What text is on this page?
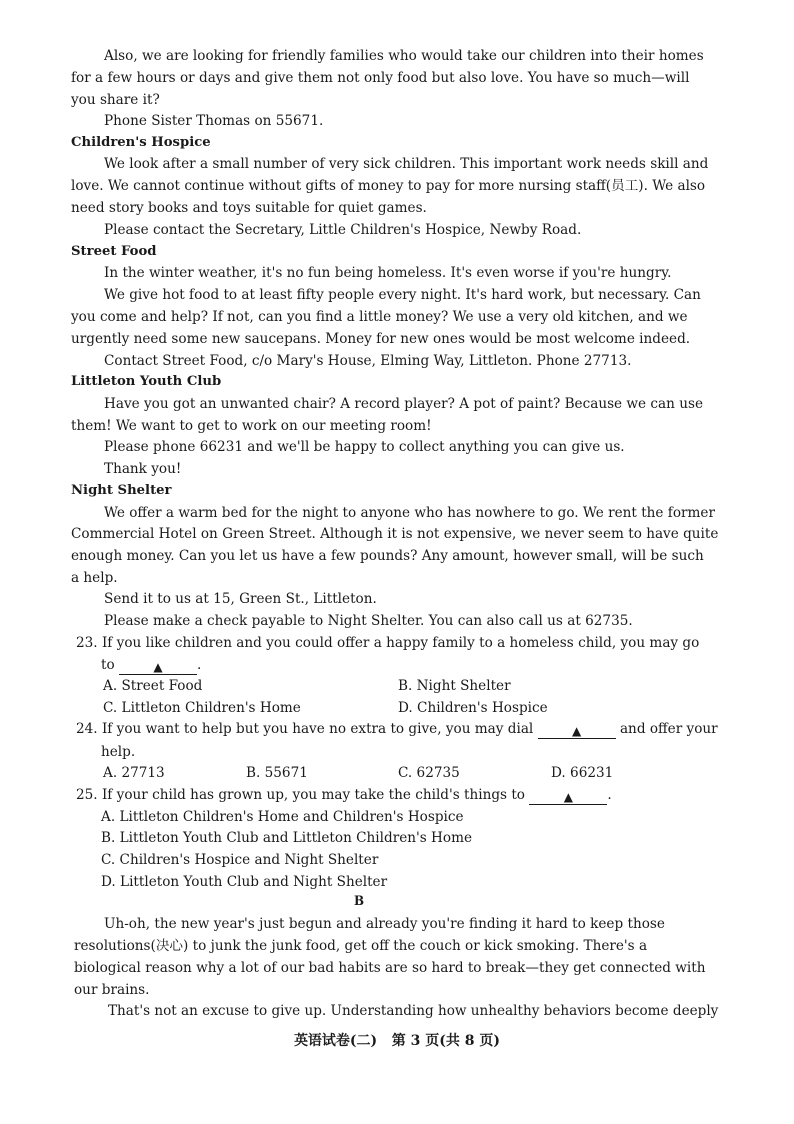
Also, we are looking for friendly families who would take our children into their homes
for a few hours or days and give them not only food but also love. You have so much—will
you share it?
Phone Sister Thomas on 55671.
Children's Hospice
We look after a small number of very sick children. This important work needs skill and
love. We cannot continue without gifts of money to pay for more nursing staff(员工). We also
need story books and toys suitable for quiet games.
Please contact the Secretary, Little Children's Hospice, Newby Road.
Street Food
In the winter weather, it's no fun being homeless. It's even worse if you're hungry.
We give hot food to at least fifty people every night. It's hard work, but necessary. Can
you come and help? If not, can you find a little money? We use a very old kitchen, and we
urgently need some new saucepans. Money for new ones would be most welcome indeed.
Contact Street Food, c/o Mary's House, Elming Way, Littleton. Phone 27713.
Littleton Youth Club
Have you got an unwanted chair? A record player? A pot of paint? Because we can use
them! We want to get to work on our meeting room!
Please phone 66231 and we'll be happy to collect anything you can give us.
Thank you!
Night Shelter
We offer a warm bed for the night to anyone who has nowhere to go. We rent the former
Commercial Hotel on Green Street. Although it is not expensive, we never seem to have quite
enough money. Can you let us have a few pounds? Any amount, however small, will be such
a help.
Send it to us at 15, Green St., Littleton.
Please make a check payable to Night Shelter. You can also call us at 62735.
23. If you like children and you could offer a happy family to a homeless child, you may go
to	▲	.
A. Street Food	B. Night Shelter
C. Littleton Children's Home	D. Children's Hospice
24. If you want to help but you have no extra to give, you may dial	▲	and offer your
help.
A. 27713	B. 55671	C. 62735	D. 66231
25. If your child has grown up, you may take the child's things to	▲	.
A. Littleton Children's Home and Children's Hospice
B. Littleton Youth Club and Littleton Children's Home
C. Children's Hospice and Night Shelter
D. Littleton Youth Club and Night Shelter
B
Uh-oh, the new year's just begun and already you're finding it hard to keep those
resolutions(决心) to junk the junk food, get off the couch or kick smoking. There's a
biological reason why a lot of our bad habits are so hard to break—they get connected with
our brains.
That's not an excuse to give up. Understanding how unhealthy behaviors become deeply
英语试卷(二)   第 3 页(共 8 页)
